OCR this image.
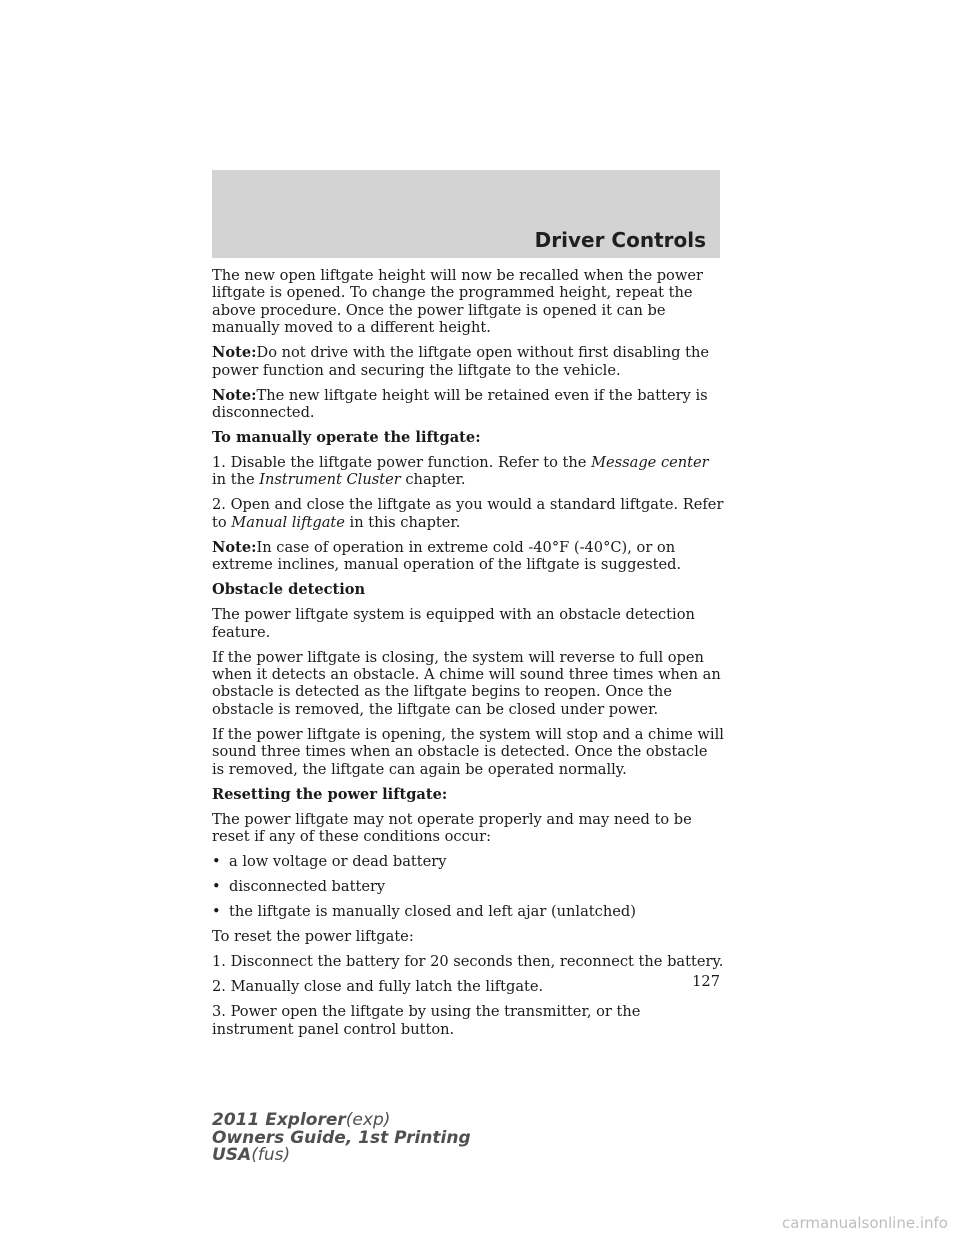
Driver Controls

The new open liftgate height will now be recalled when the power liftgate is opened. To change the programmed height, repeat the above procedure. Once the power liftgate is opened it can be manually moved to a different height.

Note:Do not drive with the liftgate open without first disabling the power function and securing the liftgate to the vehicle.

Note:The new liftgate height will be retained even if the battery is disconnected.

To manually operate the liftgate:

1. Disable the liftgate power function. Refer to the Message center in the Instrument Cluster chapter.

2. Open and close the liftgate as you would a standard liftgate. Refer to Manual liftgate in this chapter.

Note:In case of operation in extreme cold -40°F (-40°C), or on extreme inclines, manual operation of the liftgate is suggested.

Obstacle detection

The power liftgate system is equipped with an obstacle detection feature.

If the power liftgate is closing, the system will reverse to full open when it detects an obstacle. A chime will sound three times when an obstacle is detected as the liftgate begins to reopen. Once the obstacle is removed, the liftgate can be closed under power.

If the power liftgate is opening, the system will stop and a chime will sound three times when an obstacle is detected. Once the obstacle is removed, the liftgate can again be operated normally.

Resetting the power liftgate:

The power liftgate may not operate properly and may need to be reset if any of these conditions occur:

• a low voltage or dead battery

• disconnected battery

• the liftgate is manually closed and left ajar (unlatched)

To reset the power liftgate:

1. Disconnect the battery for 20 seconds then, reconnect the battery.

2. Manually close and fully latch the liftgate.

3. Power open the liftgate by using the transmitter, or the instrument panel control button.

127
2011 Explorer(exp)
Owners Guide, 1st Printing
USA(fus)
carmanualsonline.info
